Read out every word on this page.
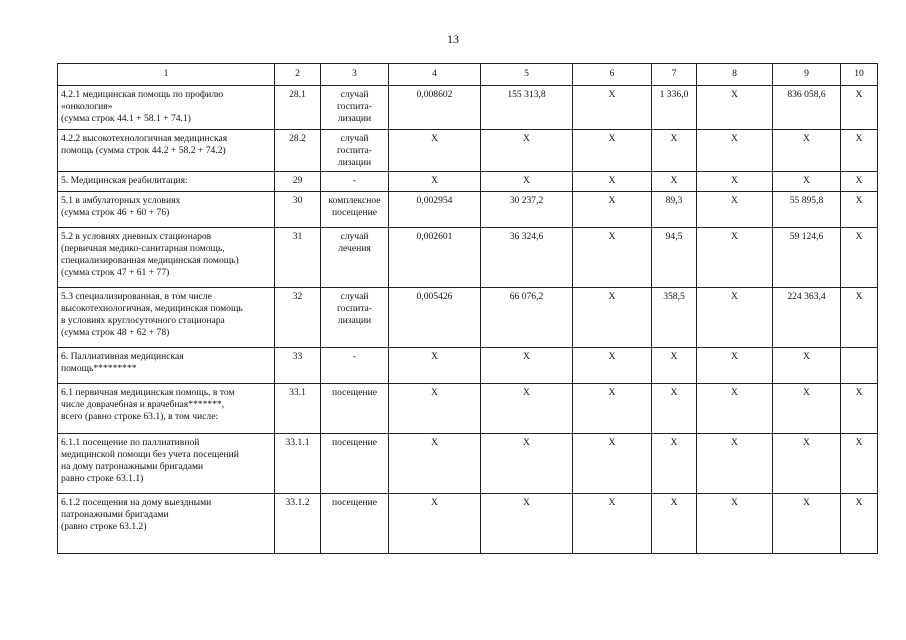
13
1	2	3	4	5	6	7	8	9	10

4.2.1 медицинская помощь по профилю
«онкология»
(сумма строк 44.1 + 58.1 + 74.1)	28.1	случай
госпита-
лизации	0,008602	155 313,8	X	1 336,0	X	836 058,6	X

4.2.2 высокотехнологичная медицинская
помощь (сумма строк 44.2 + 58.2 + 74.2)	28.2	случай
госпита-
лизации	X	X	X	X	X	X	X

5. Медицинская реабилитация:	29	-	X	X	X	X	X	X	X

5.1 в амбулаторных условиях
(сумма строк 46 + 60 + 76)	30	комплексное
посещение	0,002954	30 237,2	X	89,3	X	55 895,8	X

5.2 в условиях дневных стационаров
(первичная медико-санитарная помощь,
специализированная медицинская помощь)
(сумма строк 47 + 61 + 77)	31	случай
лечения	0,002601	36 324,6	X	94,5	X	59 124,6	X

5.3 специализированная, в том числе
высокотехнологичная, медицинская помощь
в условиях круглосуточного стационара
(сумма строк 48 + 62 + 78)	32	случай
госпита-
лизации	0,005426	66 076,2	X	358,5	X	224 363,4	X

6. Паллиативная медицинская
помощь*********	33	-	X	X	X	X	X	X	

6.1 первичная медицинская помощь, в том
числе доврачебная и врачебная*******,
всего (равно строке 63.1), в том числе:	33.1	посещение	X	X	X	X	X	X	X

6.1.1 посещение по паллиативной
медицинской помощи без учета посещений
на дому патронажными бригадами
равно строке 63.1.1)	33.1.1	посещение	X	X	X	X	X	X	X

6.1.2 посещения на дому выездными
патронажными бригадами
(равно строке 63.1.2)	33.1.2	посещение	X	X	X	X	X	X	X
